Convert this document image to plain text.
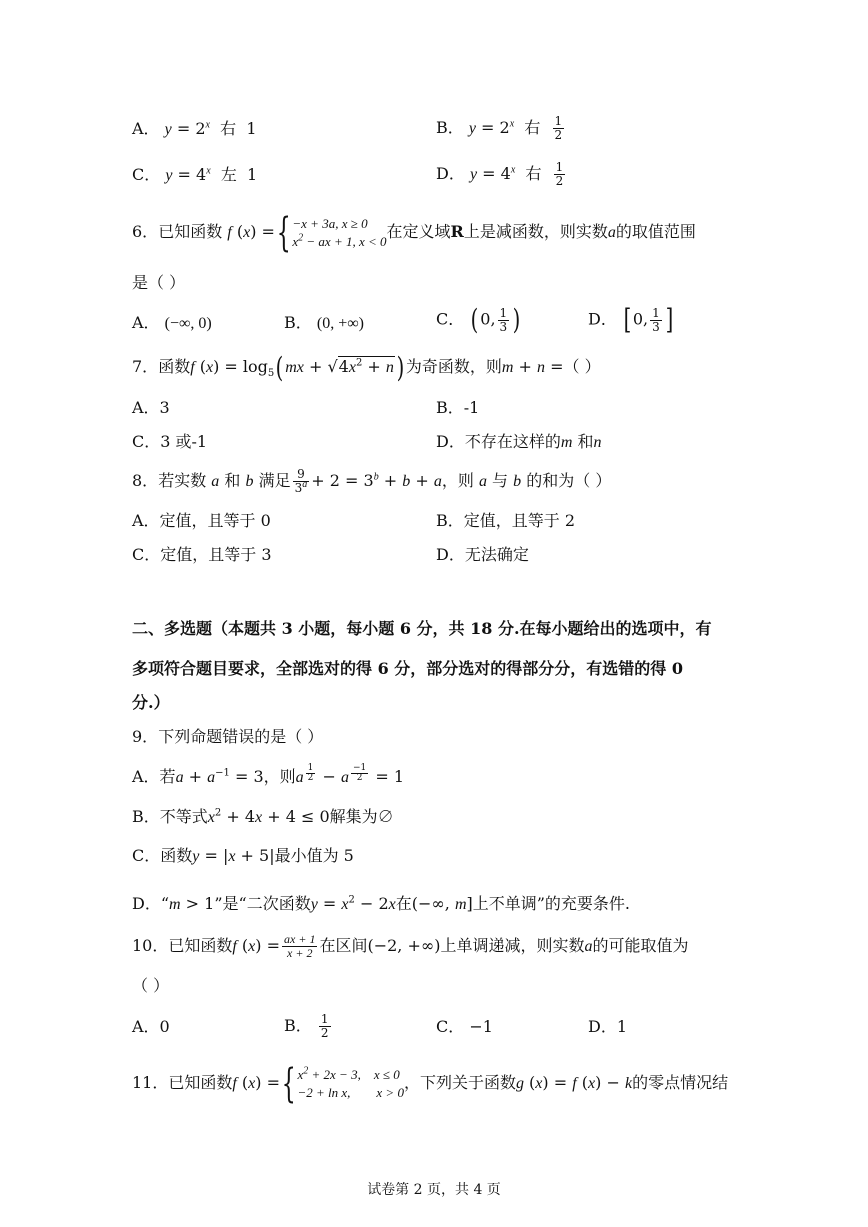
A． $y = 2^x$ 右 1	B． $y = 2^x$ 右 $\frac{1}{2}$
C． $y = 4^x$ 左 1	D． $y = 4^x$ 右 $\frac{1}{2}$
6．已知函数 f (x) ={ −x + 3a, x ≥ 0
$x^2$ − ax + 1, x < 0在定义域R上是减函数，则实数a的取值范围
是（ ）
A． (−∞, 0)	B． (0, +∞)	C． ( 0, $\frac{1}{3}$ )	D． [ 0, $\frac{1}{3}$ ]
7．函数f $(x) = \log_5$( mx + $√4x^2 + n$) 为奇函数，则m + n =（ ）
A．3	B．-1
C．3 或-1	D．不存在这样的m 和n
8．若实数 a 和 b 满足 $\frac{9}{3^a} + 2 = 3^b + b + a$，则 a 与 b 的和为（ ）
A．定值，且等于 0	B．定值，且等于 2
C．定值，且等于 3	D．无法确定
二、多选题（本题共 3 小题，每小题 6 分，共 18 分.在每小题给出的选项中，有
多项符合题目要求，全部选对的得 6 分，部分选对的得部分分，有选错的得 0
分.）
9．下列命题错误的是（ ）
A．若$a + a^{-1} = 3$，则a $^{\frac{1}{2}}$ − a $^{\frac{-1}{2}}$ = 1
B．不等式$x^2 + 4x + 4 \le 0$解集为∅
C．函数y = |x + 5|最小值为 5
D．“m > 1”是“二次函数$y = x^2 - 2x$在(−∞, m]上不单调”的充要条件.
10．已知函数f $(x) = \frac{ax + 1}{x + 2}$ 在区间(−2, +∞)上单调递减，则实数a的可能取值为
（ ）
A．0	B． $\frac{1}{2}$	C． −1	D．1
11．已知函数f (x) ={ $x^2 + 2x - 3$,    x ≤ 0
−2 + ln x,        x > 0，下列关于函数g (x) = f (x) − k的零点情况结
试卷第 2 页，共 4 页
